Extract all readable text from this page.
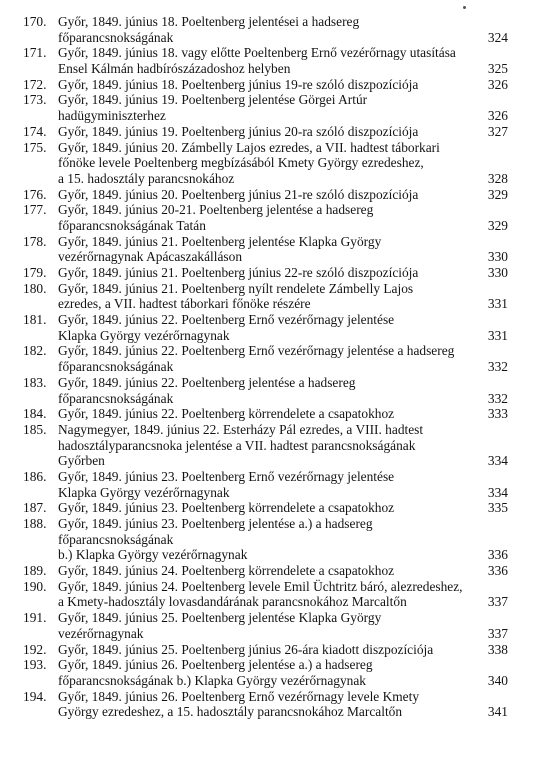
170. Győr, 1849. június 18. Poeltenberg jelentései a hadsereg
főparancsnokságának	324
171. Győr, 1849. június 18. vagy előtte Poeltenberg Ernő vezérőrnagy utasítása
Ensel Kálmán hadbírószázadoshoz helyben	325
172. Győr, 1849. június 18. Poeltenberg június 19-re szóló diszpozíciója	326
173. Győr, 1849. június 19. Poeltenberg jelentése Görgei Artúr
hadügyminiszterhez	326
174. Győr, 1849. június 19. Poeltenberg június 20-ra szóló diszpozíciója	327
175. Győr, 1849. június 20. Zámbelly Lajos ezredes, a VII. hadtest táborkari
főnöke levele Poeltenberg megbízásából Kmety György ezredeshez,
a 15. hadosztály parancsnokához	328
176. Győr, 1849. június 20. Poeltenberg június 21-re szóló diszpozíciója	329
177. Győr, 1849. június 20-21. Poeltenberg jelentése a hadsereg
főparancsnokságának Tatán	329
178. Győr, 1849. június 21. Poeltenberg jelentése Klapka György
vezérőrnagynak Apácaszakálláson	330
179. Győr, 1849. június 21. Poeltenberg június 22-re szóló diszpozíciója	330
180. Győr, 1849. június 21. Poeltenberg nyílt rendelete Zámbelly Lajos
ezredes, a VII. hadtest táborkari főnöke részére	331
181. Győr, 1849. június 22. Poeltenberg Ernő vezérőrnagy jelentése
Klapka György vezérőrnagynak	331
182. Győr, 1849. június 22. Poeltenberg Ernő vezérőrnagy jelentése a hadsereg
főparancsnokságának	332
183. Győr, 1849. június 22. Poeltenberg jelentése a hadsereg
főparancsnokságának	332
184. Győr, 1849. június 22. Poeltenberg körrendelete a csapatokhoz	333
185. Nagymegyer, 1849. június 22. Esterházy Pál ezredes, a VIII. hadtest
hadosztályparancsnoka jelentése a VII. hadtest parancsnokságának
Győrben	334
186. Győr, 1849. június 23. Poeltenberg Ernő vezérőrnagy jelentése
Klapka György vezérőrnagynak	334
187. Győr, 1849. június 23. Poeltenberg körrendelete a csapatokhoz	335
188. Győr, 1849. június 23. Poeltenberg jelentése a.) a hadsereg
főparancsnokságának
b.) Klapka György vezérőrnagynak	336
189. Győr, 1849. június 24. Poeltenberg körrendelete a csapatokhoz	336
190. Győr, 1849. június 24. Poeltenberg levele Emil Üchtritz báró, alezredeshez,
a Kmety-hadosztály lovasdandárának parancsnokához Marcaltőn	337
191. Győr, 1849. június 25. Poeltenberg jelentése Klapka György
vezérőrnagynak	337
192. Győr, 1849. június 25. Poeltenberg június 26-ára kiadott diszpozíciója	338
193. Győr, 1849. június 26. Poeltenberg jelentése a.) a hadsereg
főparancsnokságának b.) Klapka György vezérőrnagynak	340
194. Győr, 1849. június 26. Poeltenberg Ernő vezérőrnagy levele Kmety
György ezredeshez, a 15. hadosztály parancsnokához Marcaltőn	341
